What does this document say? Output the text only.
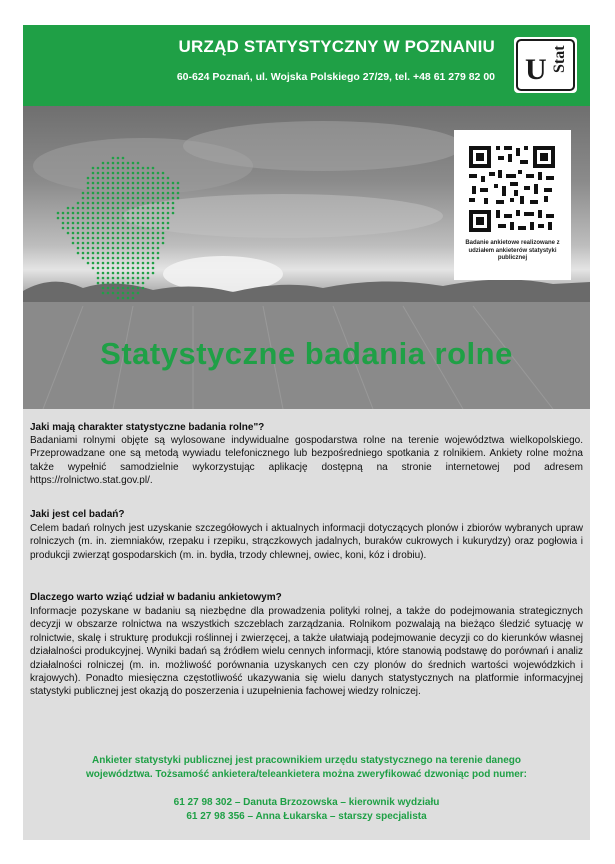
URZĄD STATYSTYCZNY W POZNANIU
60-624 Poznań, ul. Wojska Polskiego 27/29, tel. +48 61 279 82 00 U Stat
Badanie ankietowe realizowane z udziałem ankieterów statystyki publicznej
Statystyczne badania rolne

Jaki mają charakter statystyczne badania rolne"?

Badaniami rolnymi objęte są wylosowane indywidualne gospodarstwa rolne na terenie województwa wielkopolskiego. Przeprowadzane one są metodą wywiadu telefonicznego lub bezpośredniego spotkania z rolnikiem. Ankiety rolne można także wypełnić samodzielnie wykorzystując aplikację dostępną na stronie internetowej pod adresem https://rolnictwo.stat.gov.pl/.

Jaki jest cel badań?

Celem badań rolnych jest uzyskanie szczegółowych i aktualnych informacji dotyczących plonów i zbiorów wybranych upraw rolniczych (m. in. ziemniaków, rzepaku i rzepiku, strączkowych jadalnych, buraków cukrowych i kukurydzy) oraz pogłowia i produkcji zwierząt gospodarskich (m. in. bydła, trzody chlewnej, owiec, koni, kóz i drobiu).

Dlaczego warto wziąć udział w badaniu ankietowym?

Informacje pozyskane w badaniu są niezbędne dla prowadzenia polityki rolnej, a także do podejmowania strategicznych decyzji w obszarze rolnictwa na wszystkich szczeblach zarządzania. Rolnikom pozwalają na bieżąco śledzić sytuację w rolnictwie, skalę i strukturę produkcji roślinnej i zwierzęcej, a także ułatwiają podejmowanie decyzji co do kierunków własnej działalności produkcyjnej. Wyniki badań są źródłem wielu cennych informacji, które stanowią podstawę do porównań i analiz działalności rolniczej (m. in. możliwość porównania uzyskanych cen czy plonów do średnich wartości wojewódzkich i krajowych). Ponadto miesięczna częstotliwość ukazywania się wielu danych statystycznych na platformie informacyjnej statystyki publicznej jest okazją do poszerzenia i uzupełnienia fachowej wiedzy rolniczej.

Ankieter statystyki publicznej jest pracownikiem urzędu statystycznego na terenie danego
województwa. Tożsamość ankietera/teleankietera można zweryfikować dzwoniąc pod numer:
61 27 98 302 – Danuta Brzozowska – kierownik wydziału
61 27 98 356 – Anna Łukarska – starszy specjalista
